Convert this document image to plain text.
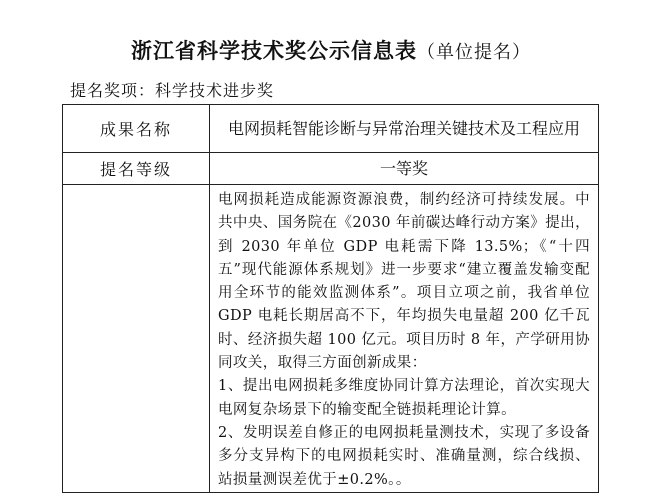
浙江省科学技术奖公示信息表（单位提名）
提名奖项：科学技术进步奖
成果名称	电网损耗智能诊断与异常治理关键技术及工程应用
提名等级	一等奖

	电网损耗造成能源资源浪费，制约经济可持续发展。中共中央、国务院在《2030 年前碳达峰行动方案》提出，到 2030 年单位 GDP 电耗需下降 13.5%；《“十四五”现代能源体系规划》进一步要求“建立覆盖发输变配用全环节的能效监测体系”。项目立项之前，我省单位 GDP 电耗长期居高不下，年均损失电量超 200 亿千瓦时、经济损失超 100 亿元。项目历时 8 年，产学研用协同攻关，取得三方面创新成果：

1、提出电网损耗多维度协同计算方法理论，首次实现大电网复杂场景下的输变配全链损耗理论计算。

2、发明误差自修正的电网损耗量测技术，实现了多设备多分支异构下的电网损耗实时、准确量测，综合线损、站损量测误差优于±0.2%。。
